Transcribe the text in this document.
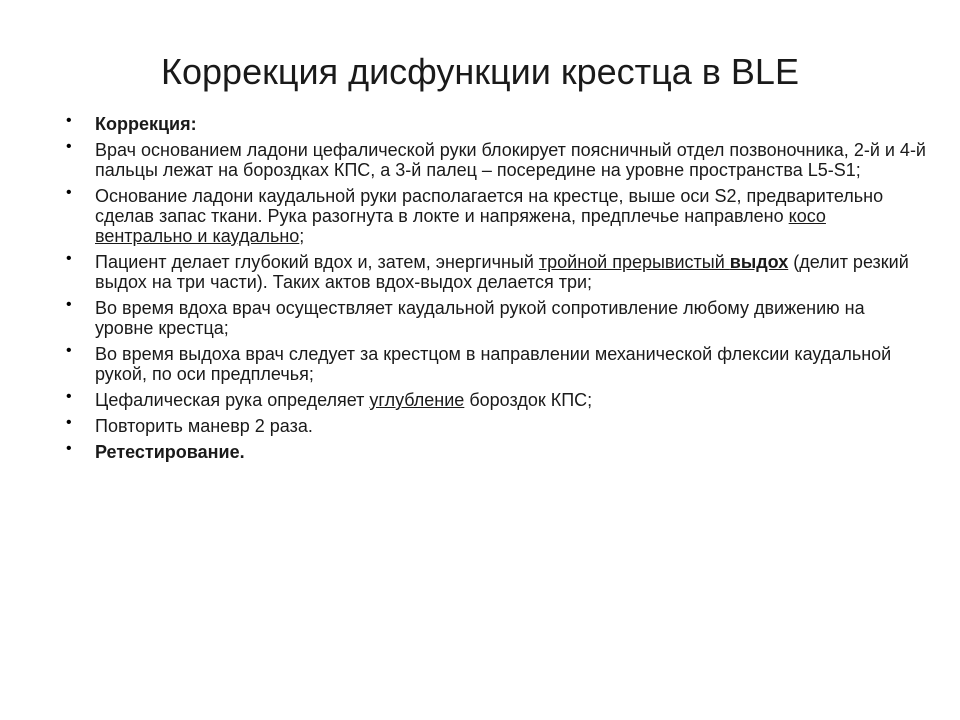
Коррекция дисфункции крестца в BLE
• Коррекция:
• Врач основанием ладони цефалической руки блокирует поясничный отдел позвоночника, 2-й и 4-й пальцы лежат на бороздках КПС, а 3-й палец – посередине на уровне пространства L5-S1;
• Основание ладони каудальной руки располагается на крестце, выше оси S2, предварительно сделав запас ткани. Рука разогнута в локте и напряжена, предплечье направлено косо вентрально и каудально;
• Пациент делает глубокий вдох и, затем, энергичный тройной прерывистый выдох (делит резкий выдох на три части). Таких актов вдох-выдох делается три;
• Во время вдоха врач осуществляет каудальной рукой сопротивление любому движению на уровне крестца;
• Во время выдоха врач следует за крестцом в направлении механической флексии каудальной рукой, по оси предплечья;
• Цефалическая рука определяет углубление бороздок КПС;
• Повторить маневр 2 раза.
• Ретестирование.
